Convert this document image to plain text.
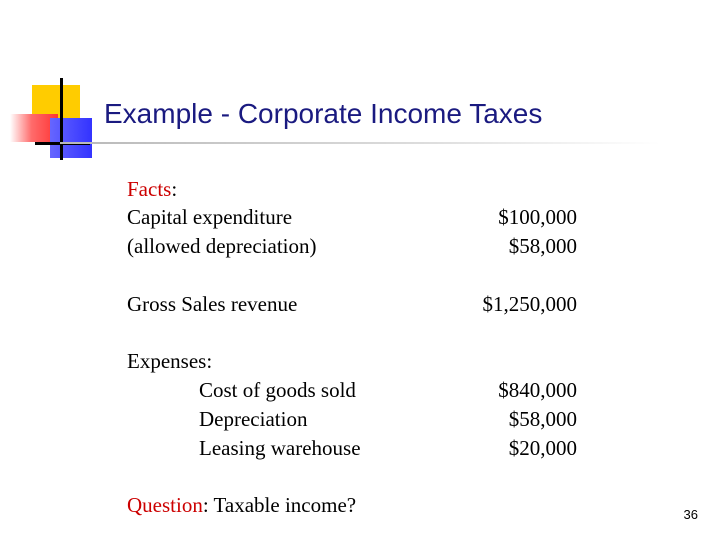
Example - Corporate Income Taxes
Facts:
Capital expenditure	$100,000
(allowed depreciation)	$58,000
Gross Sales revenue	$1,250,000
Expenses:
Cost of goods sold	$840,000
Depreciation	$58,000
Leasing warehouse	$20,000
Question: Taxable income?	36
